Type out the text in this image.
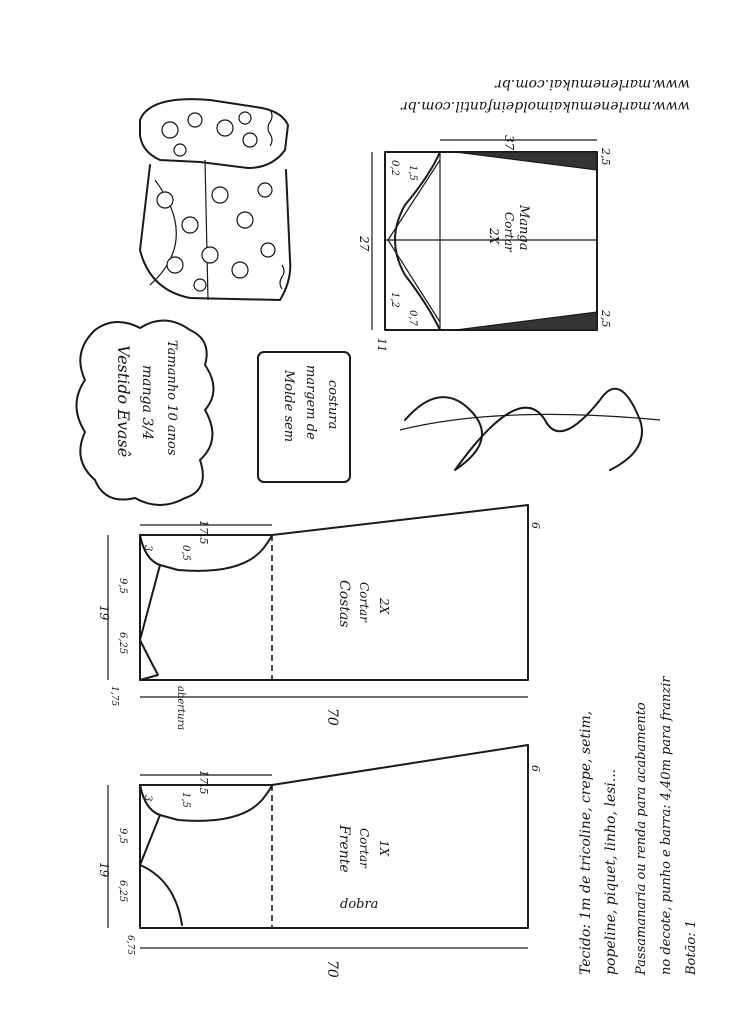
www.marlenemukaimoldeinfantil.com.br
www.marlenemukai.com.br
37
27
11
2,5
2,5
1,5
0,2
1,2
0,7
Manga
Cortar
2X
Vestido Evasê manga 3/4 Tamanho 10 anos	Molde sem margem de costura
Marlene Mukai
17,5
19
70
6
3	0,5
9,5
6,25
1,75	abertura
Costas Cortar 2X
17,5
19
70
6
3	1,5
9,5
6,25
6,75
dobra
Frente Cortar 1X	Tecido: 1m de tricoline, crepe, setim, popeline, piquet, linho, lesi... Passamanaria ou renda para acabamento no decote, punho e barra: 4,40m para franzir Botão: 1
